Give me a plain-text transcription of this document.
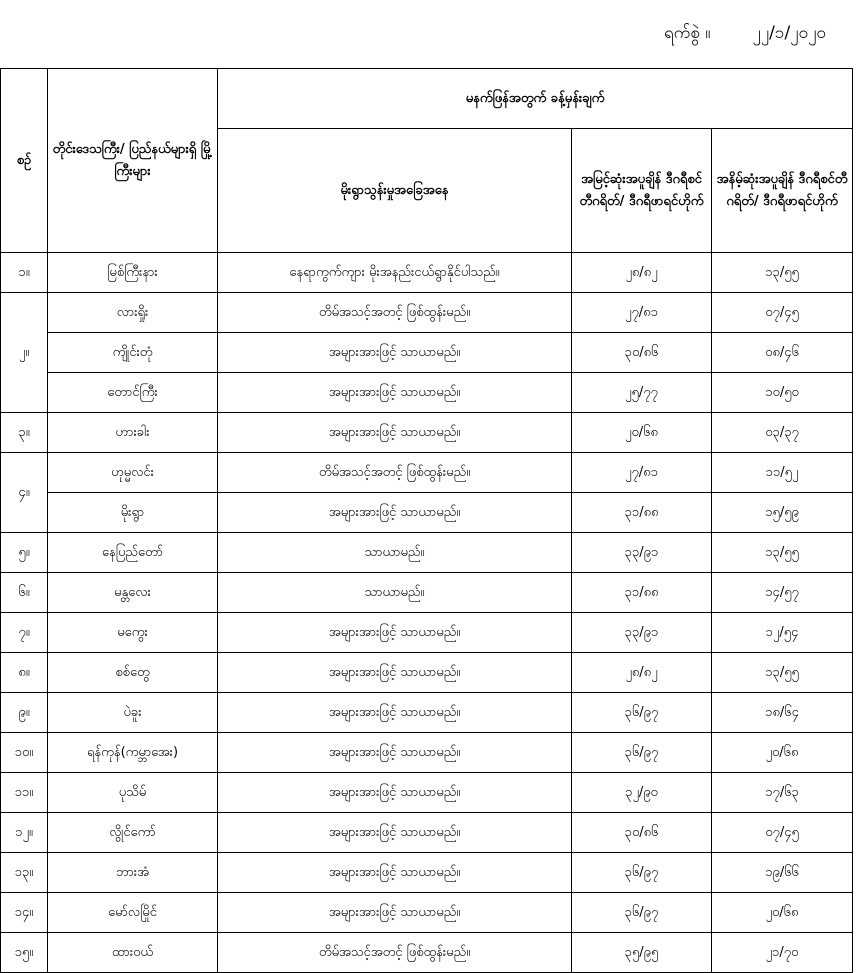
ရက်စွဲ ။ ၂၂/၁/၂၀၂၀
စဉ်	တိုင်းဒေသကြီး/ ပြည်နယ်များရှိ မြို့ကြီးများ	မနက်ဖြန်အတွက် ခန့်မှန်းချက်		
		မိုးရွာသွန်းမှုအခြေအနေ	အမြင့်ဆုံးအပူချိန် ဒီဂရီစင်တီဂရိတ်/ ဒီဂရီဖာရင်ဟိုက်	အနိမ့်ဆုံးအပူချိန် ဒီဂရီစင်တီဂရိတ်/ ဒီဂရီဖာရင်ဟိုက်
၁။	မြစ်ကြီးနား	နေရာကွက်ကျား မိုးအနည်းငယ်ရွာနိုင်ပါသည်။	၂၈/၈၂	၁၃/၅၅
၂။	လားရှိုး	တိမ်အသင့်အတင့် ဖြစ်ထွန်းမည်။	၂၇/၈၁	၀၇/၄၅
	ကျိုင်းတုံ	အများအားဖြင့် သာယာမည်။	၃၀/၈၆	၀၈/၄၆
	တောင်ကြီး	အများအားဖြင့် သာယာမည်။	၂၅/၇၇	၁၀/၅၀
၃။	ဟားခါး	အများအားဖြင့် သာယာမည်။	၂၀/၆၈	၀၃/၃၇
၄။	ဟုမ္မလင်း	တိမ်အသင့်အတင့် ဖြစ်ထွန်းမည်။	၂၇/၈၁	၁၁/၅၂
	မိုးရွာ	အများအားဖြင့် သာယာမည်။	၃၁/၈၈	၁၅/၅၉
၅။	နေပြည်တော်	သာယာမည်။	၃၃/၉၁	၁၃/၅၅
၆။	မန္တလေး	သာယာမည်။	၃၁/၈၈	၁၄/၅၇
၇။	မကွေး	အများအားဖြင့် သာယာမည်။	၃၃/၉၁	၁၂/၅၄
၈။	စစ်တွေ	အများအားဖြင့် သာယာမည်။	၂၈/၈၂	၁၃/၅၅
၉။	ပဲခူး	အများအားဖြင့် သာယာမည်။	၃၆/၉၇	၁၈/၆၄
၁၀။	ရန်ကုန်(ကမ္ဘာအေး)	အများအားဖြင့် သာယာမည်။	၃၆/၉၇	၂၀/၆၈
၁၁။	ပုသိမ်	အများအားဖြင့် သာယာမည်။	၃၂/၉၀	၁၇/၆၃
၁၂။	လွိုင်ကော်	အများအားဖြင့် သာယာမည်။	၃၀/၈၆	၀၇/၄၅
၁၃။	ဘားအံ	အများအားဖြင့် သာယာမည်။	၃၆/၉၇	၁၉/၆၆
၁၄။	မော်လမြိုင်	အများအားဖြင့် သာယာမည်။	၃၆/၉၇	၂၀/၆၈
၁၅။	ထားဝယ်	တိမ်အသင့်အတင့် ဖြစ်ထွန်းမည်။	၃၅/၉၅	၂၁/၇၀
